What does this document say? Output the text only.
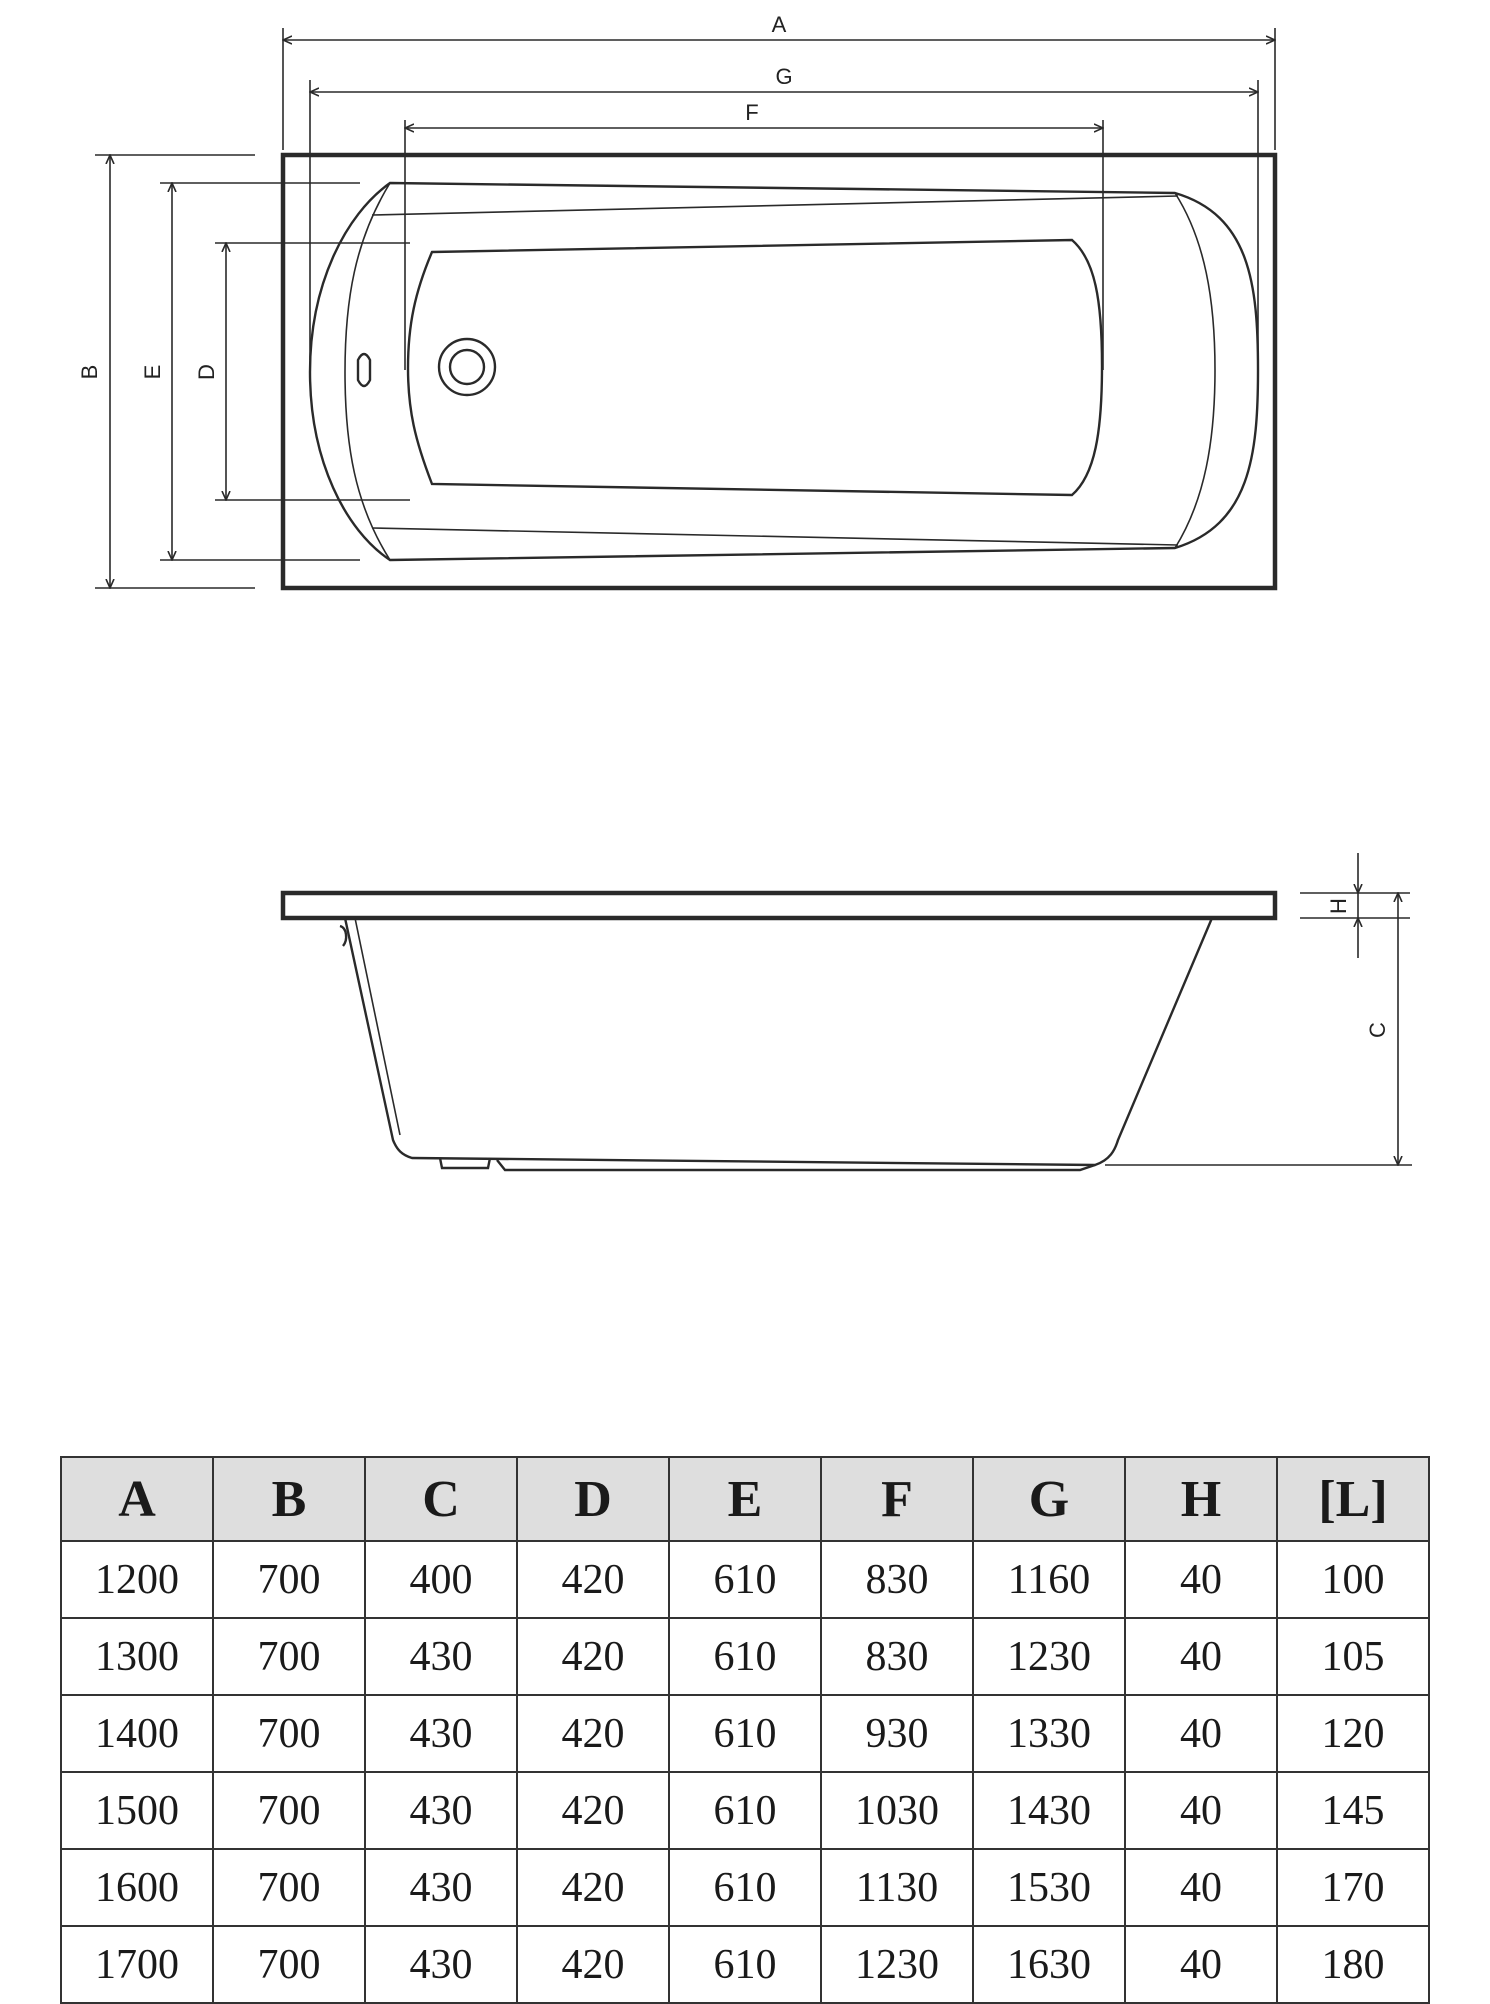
A
G
F
B E D
H
C
A	B	C	D	E	F	G	H	[L]
1200	700	400	420	610	830	1160	40	100
1300	700	430	420	610	830	1230	40	105
1400	700	430	420	610	930	1330	40	120
1500	700	430	420	610	1030	1430	40	145
1600	700	430	420	610	1130	1530	40	170
1700	700	430	420	610	1230	1630	40	180
